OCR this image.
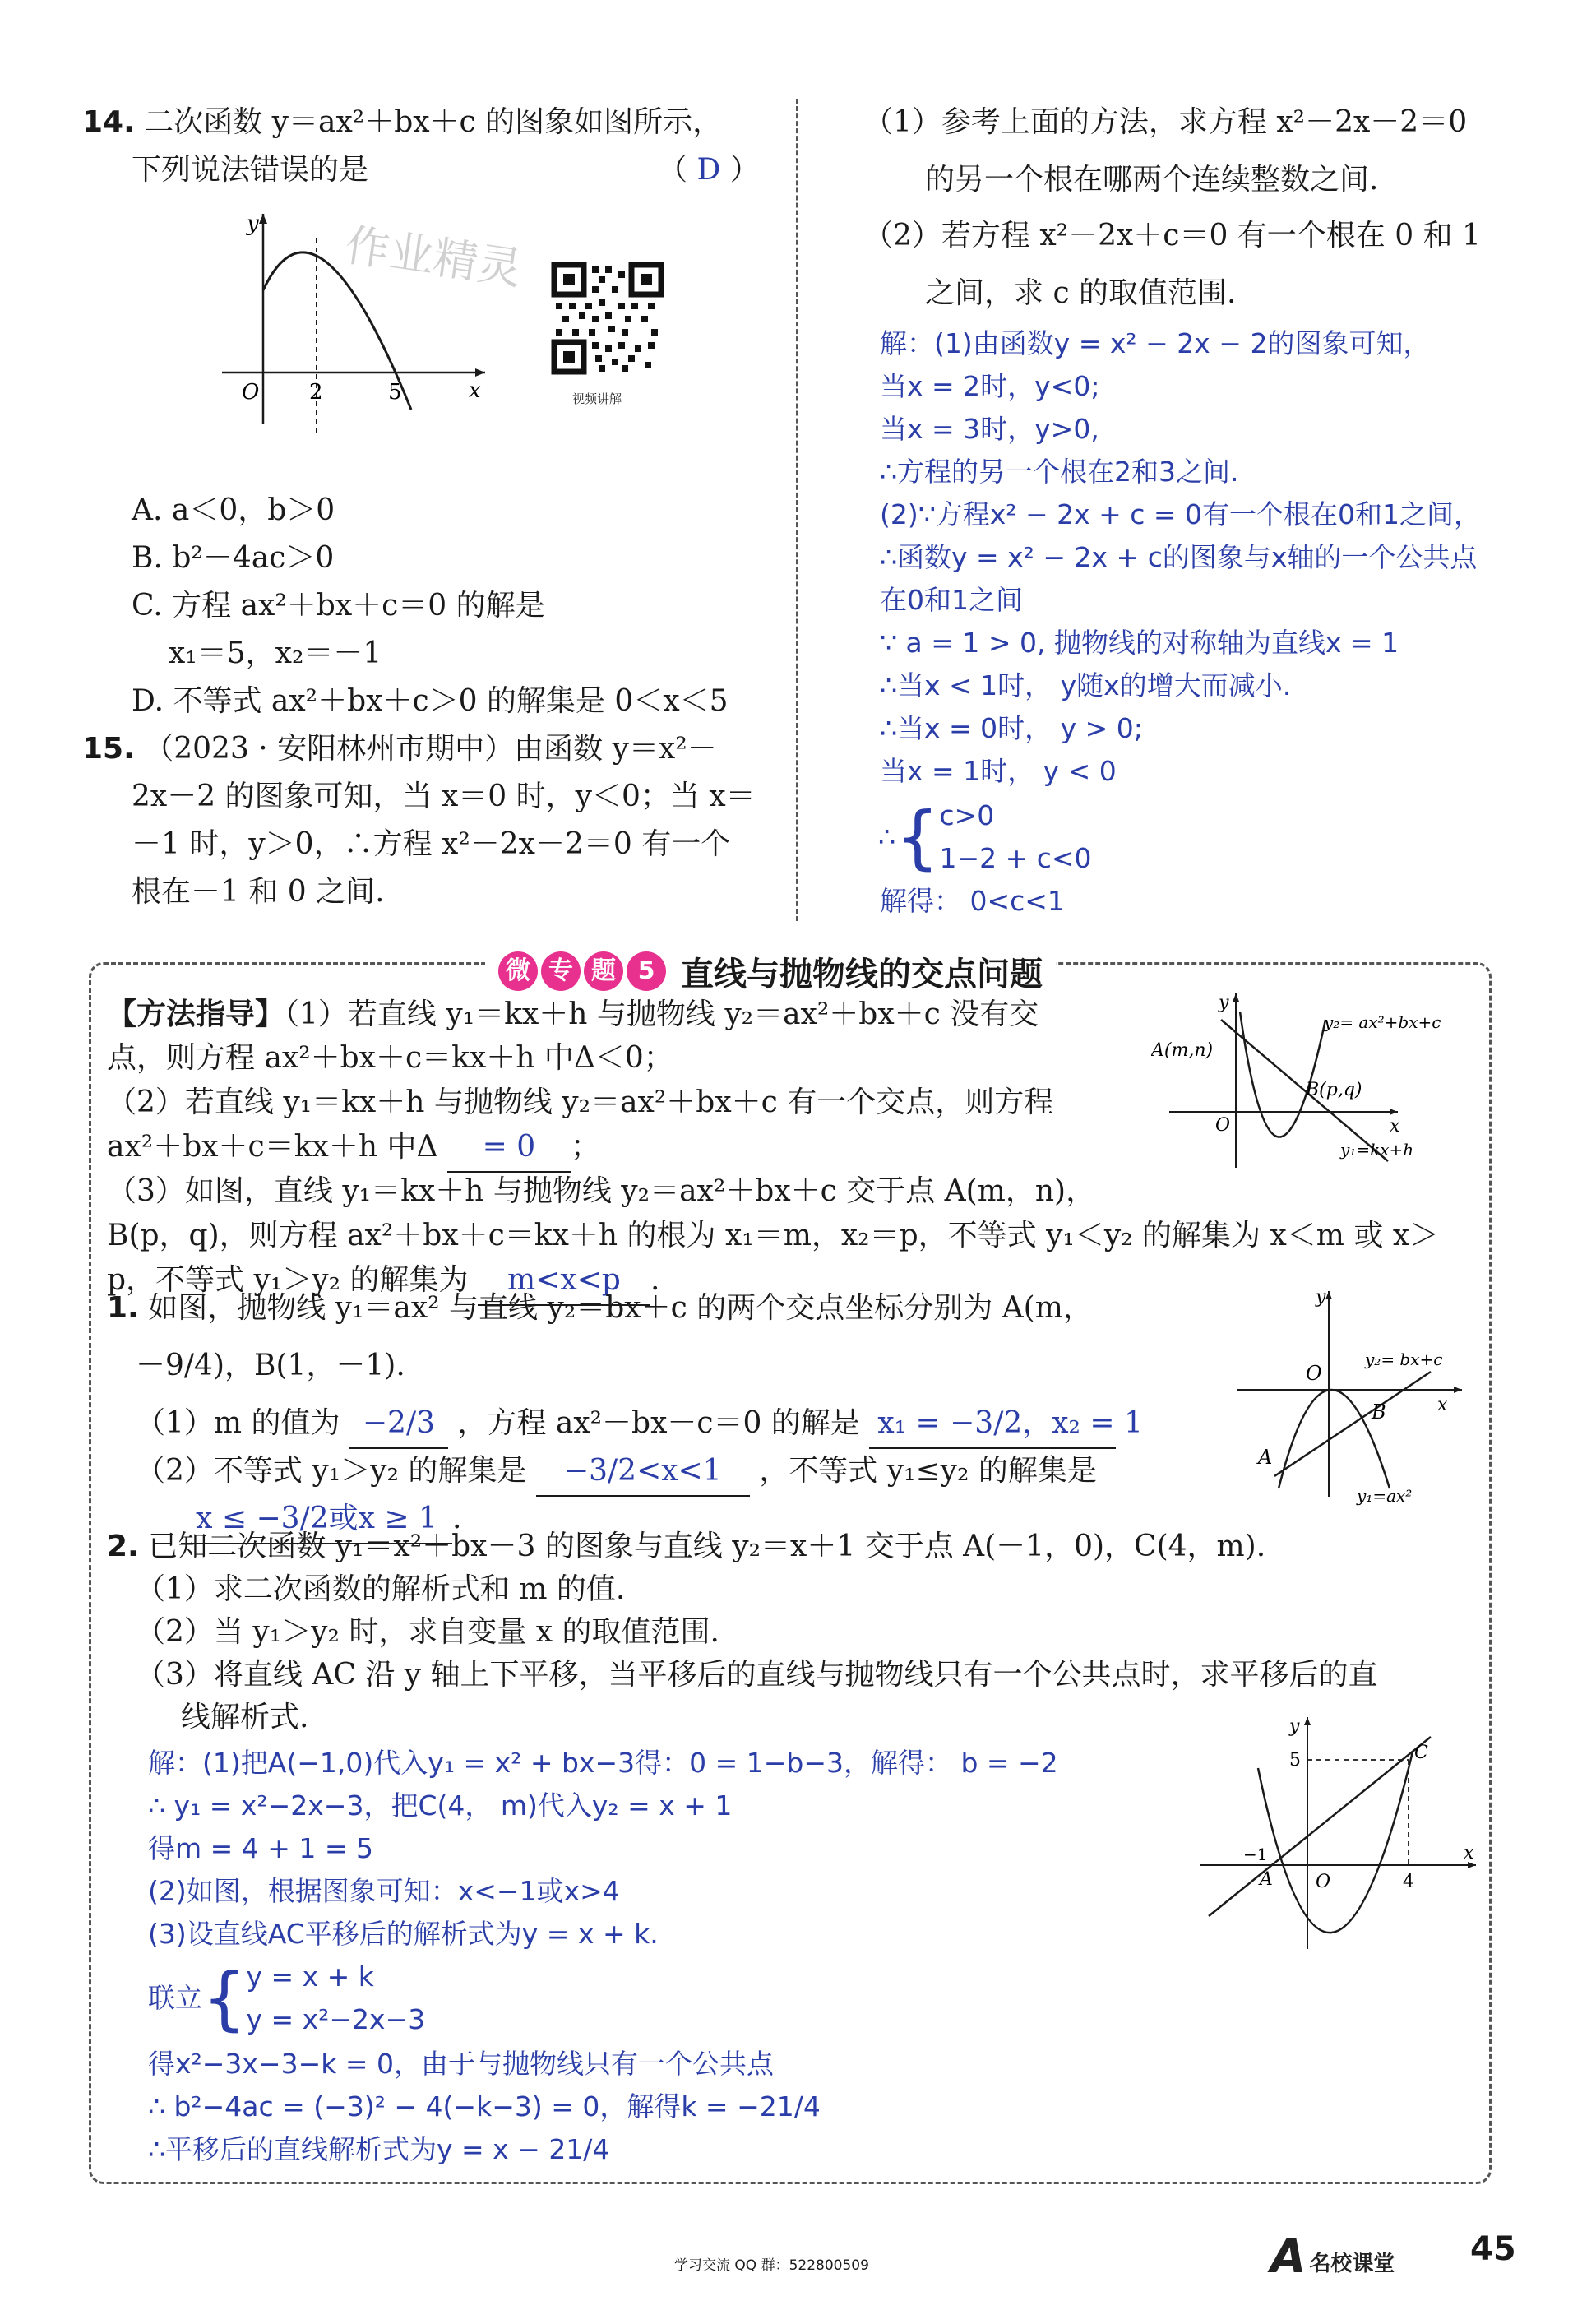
14. 二次函数 y＝ax²＋bx＋c 的图象如图所示，
下列说法错误的是	（ D ）
y
x
O 2	5
作业精灵
视频讲解
A. a＜0，b＞0
B. b²－4ac＞0
C. 方程 ax²＋bx＋c＝0 的解是
x₁＝5，x₂＝－1
D. 不等式 ax²＋bx＋c＞0 的解集是 0＜x＜5
15. （2023 · 安阳林州市期中）由函数 y＝x²－
2x－2 的图象可知，当 x＝0 时，y＜0；当 x＝
－1 时，y＞0，∴方程 x²－2x－2＝0 有一个
根在－1 和 0 之间.
（1）参考上面的方法，求方程 x²－2x－2＝0
的另一个根在哪两个连续整数之间.
（2）若方程 x²－2x＋c＝0 有一个根在 0 和 1
之间，求 c 的取值范围.
解：(1)由函数y = x² − 2x − 2的图象可知，
当x = 2时，y<0;
当x = 3时，y>0,
∴方程的另一个根在2和3之间.
(2)∵方程x² − 2x + c = 0有一个根在0和1之间，
∴函数y = x² − 2x + c的图象与x轴的一个公共点
在0和1之间
∵ a = 1 > 0, 抛物线的对称轴为直线x = 1
∴当x < 1时， y随x的增大而减小.
∴当x = 0时， y > 0;
当x = 1时， y < 0
∴ { c>0
1−2 + c<0
解得： 0<c<1
微 专 题 5 直线与抛物线的交点问题
【方法指导】（1）若直线 y₁＝kx＋h 与抛物线 y₂＝ax²＋bx＋c 没有交
点，则方程 ax²＋bx＋c＝kx＋h 中Δ＜0；
（2）若直线 y₁＝kx＋h 与抛物线 y₂＝ax²＋bx＋c 有一个交点，则方程
ax²＋bx＋c＝kx＋h 中Δ = 0 ；
（3）如图，直线 y₁＝kx＋h 与抛物线 y₂＝ax²＋bx＋c 交于点 A(m，n)，
B(p，q)，则方程 ax²＋bx＋c＝kx＋h 的根为 x₁＝m，x₂＝p，不等式 y₁＜y₂ 的解集为 x＜m 或 x＞
p，不等式 y₁＞y₂ 的解集为 m<x<p .
y
x
O
A(m,n)
B(p,q)
y₂= ax²+bx+c
y₁=kx+h
1. 如图，抛物线 y₁＝ax² 与直线 y₂＝bx＋c 的两个交点坐标分别为 A(m，
－9/4)，B(1，－1).
（1）m 的值为 −2/3 ，方程 ax²－bx－c＝0 的解是 x₁ = −3/2，x₂ = 1
（2）不等式 y₁＞y₂ 的解集是 −3/2<x<1 ，不等式 y₁≤y₂ 的解集是
x ≤ −3/2或x ≥ 1 .
y
x
O
A
B
y₂= bx+c
y₁=ax²
2. 已知二次函数 y₁＝x²＋bx－3 的图象与直线 y₂＝x＋1 交于点 A(－1，0)，C(4，m).
（1）求二次函数的解析式和 m 的值.
（2）当 y₁＞y₂ 时，求自变量 x 的取值范围.
（3）将直线 AC 沿 y 轴上下平移，当平移后的直线与抛物线只有一个公共点时，求平移后的直
线解析式.
解：(1)把A(−1,0)代入y₁ = x² + bx−3得：0 = 1−b−3，解得： b = −2
∴ y₁ = x²−2x−3，把C(4， m)代入y₂ = x + 1
得m = 4 + 1 = 5
(2)如图，根据图象可知：x<−1或x>4
(3)设直线AC平移后的解析式为y = x + k.
联立 { y = x + k
y = x²−2x−3
得x²−3x−3−k = 0，由于与抛物线只有一个公共点
∴ b²−4ac = (−3)² − 4(−k−3) = 0，解得k = −21/4
∴平移后的直线解析式为y = x − 21/4
y
x
O
A
C
−1
4
5
学习交流 QQ 群：522800509	A 名校课堂 45
